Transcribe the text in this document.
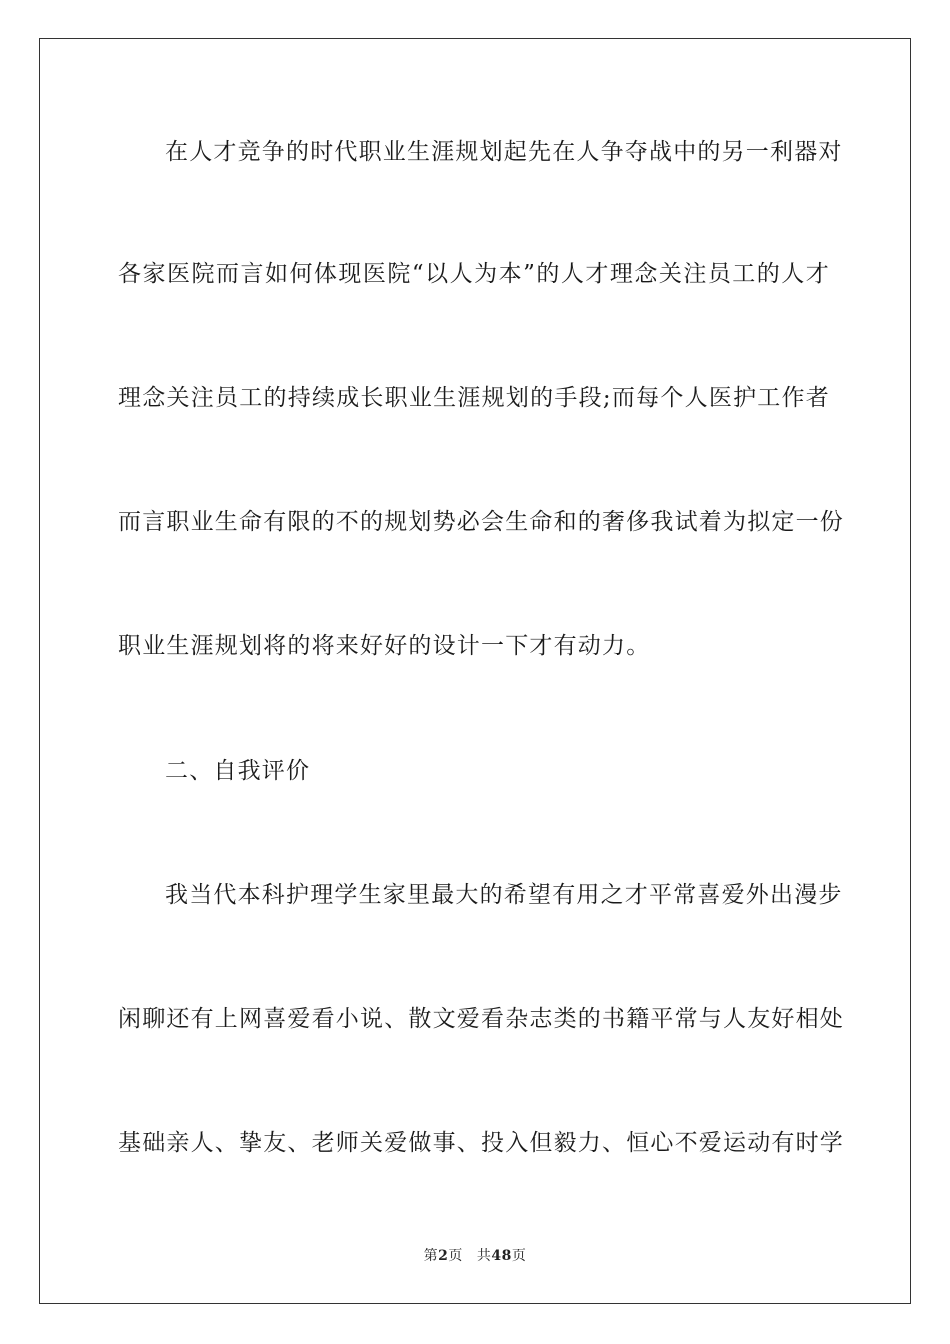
在人才竞争的时代职业生涯规划起先在人争夺战中的另一利器对
各家医院而言如何体现医院“以人为本”的人才理念关注员工的人才
理念关注员工的持续成长职业生涯规划的手段;而每个人医护工作者
而言职业生命有限的不的规划势必会生命和的奢侈我试着为拟定一份
职业生涯规划将的将来好好的设计一下才有动力。
二、自我评价
我当代本科护理学生家里最大的希望有用之才平常喜爱外出漫步
闲聊还有上网喜爱看小说、散文爱看杂志类的书籍平常与人友好相处
基础亲人、挚友、老师关爱做事、投入但毅力、恒心不爱运动有时学
第2页 共48页
